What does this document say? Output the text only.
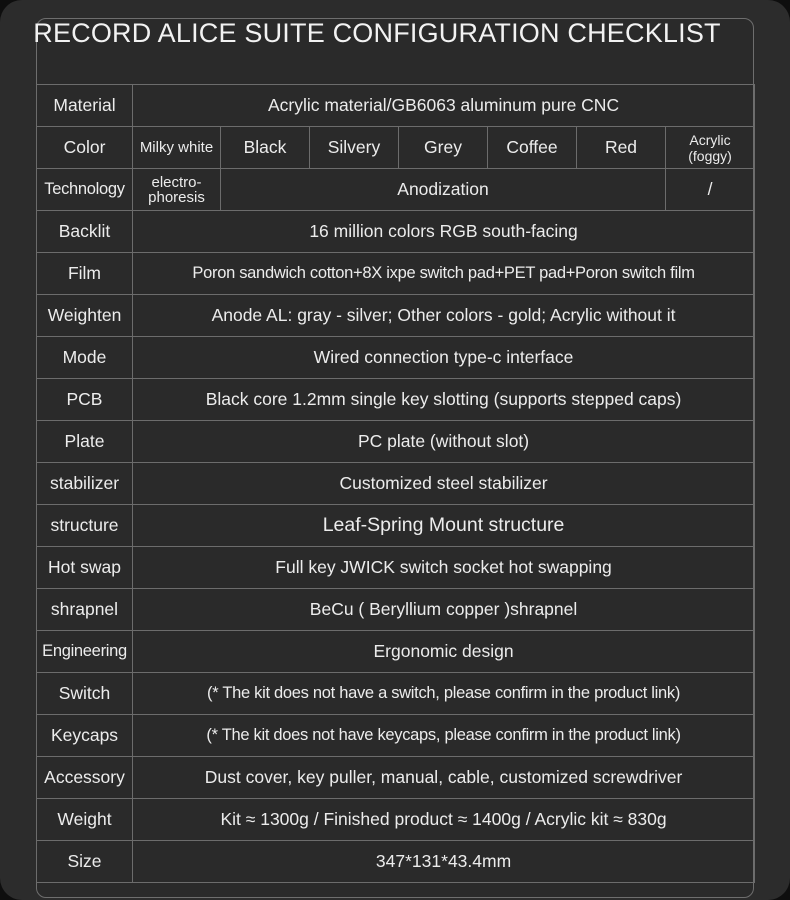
RECORD ALICE SUITE CONFIGURATION CHECKLIST
Material	Acrylic material/GB6063 aluminum pure CNC						
Color	Milky white	Black	Silvery	Grey	Coffee	Red	Acrylic (foggy)
Technology	electro-phoresis	Anodization					/
Backlit	16 million colors RGB south-facing						
Film	Poron sandwich cotton+8X ixpe switch pad+PET pad+Poron switch film						
Weighten	Anode AL: gray - silver; Other colors - gold; Acrylic without it						
Mode	Wired connection type-c interface						
PCB	Black core 1.2mm single key slotting (supports stepped caps)						
Plate	PC plate (without slot)						
stabilizer	Customized steel stabilizer						
structure	Leaf-Spring Mount structure						
Hot swap	Full key JWICK switch socket hot swapping						
shrapnel	BeCu ( Beryllium copper )shrapnel						
Engineering	Ergonomic design						
Switch	(* The kit does not have a switch, please confirm in the product link)						
Keycaps	(* The kit does not have keycaps, please confirm in the product link)						
Accessory	Dust cover, key puller, manual, cable, customized screwdriver						
Weight	Kit ≈ 1300g / Finished product ≈ 1400g / Acrylic kit ≈ 830g						
Size	347*131*43.4mm						
